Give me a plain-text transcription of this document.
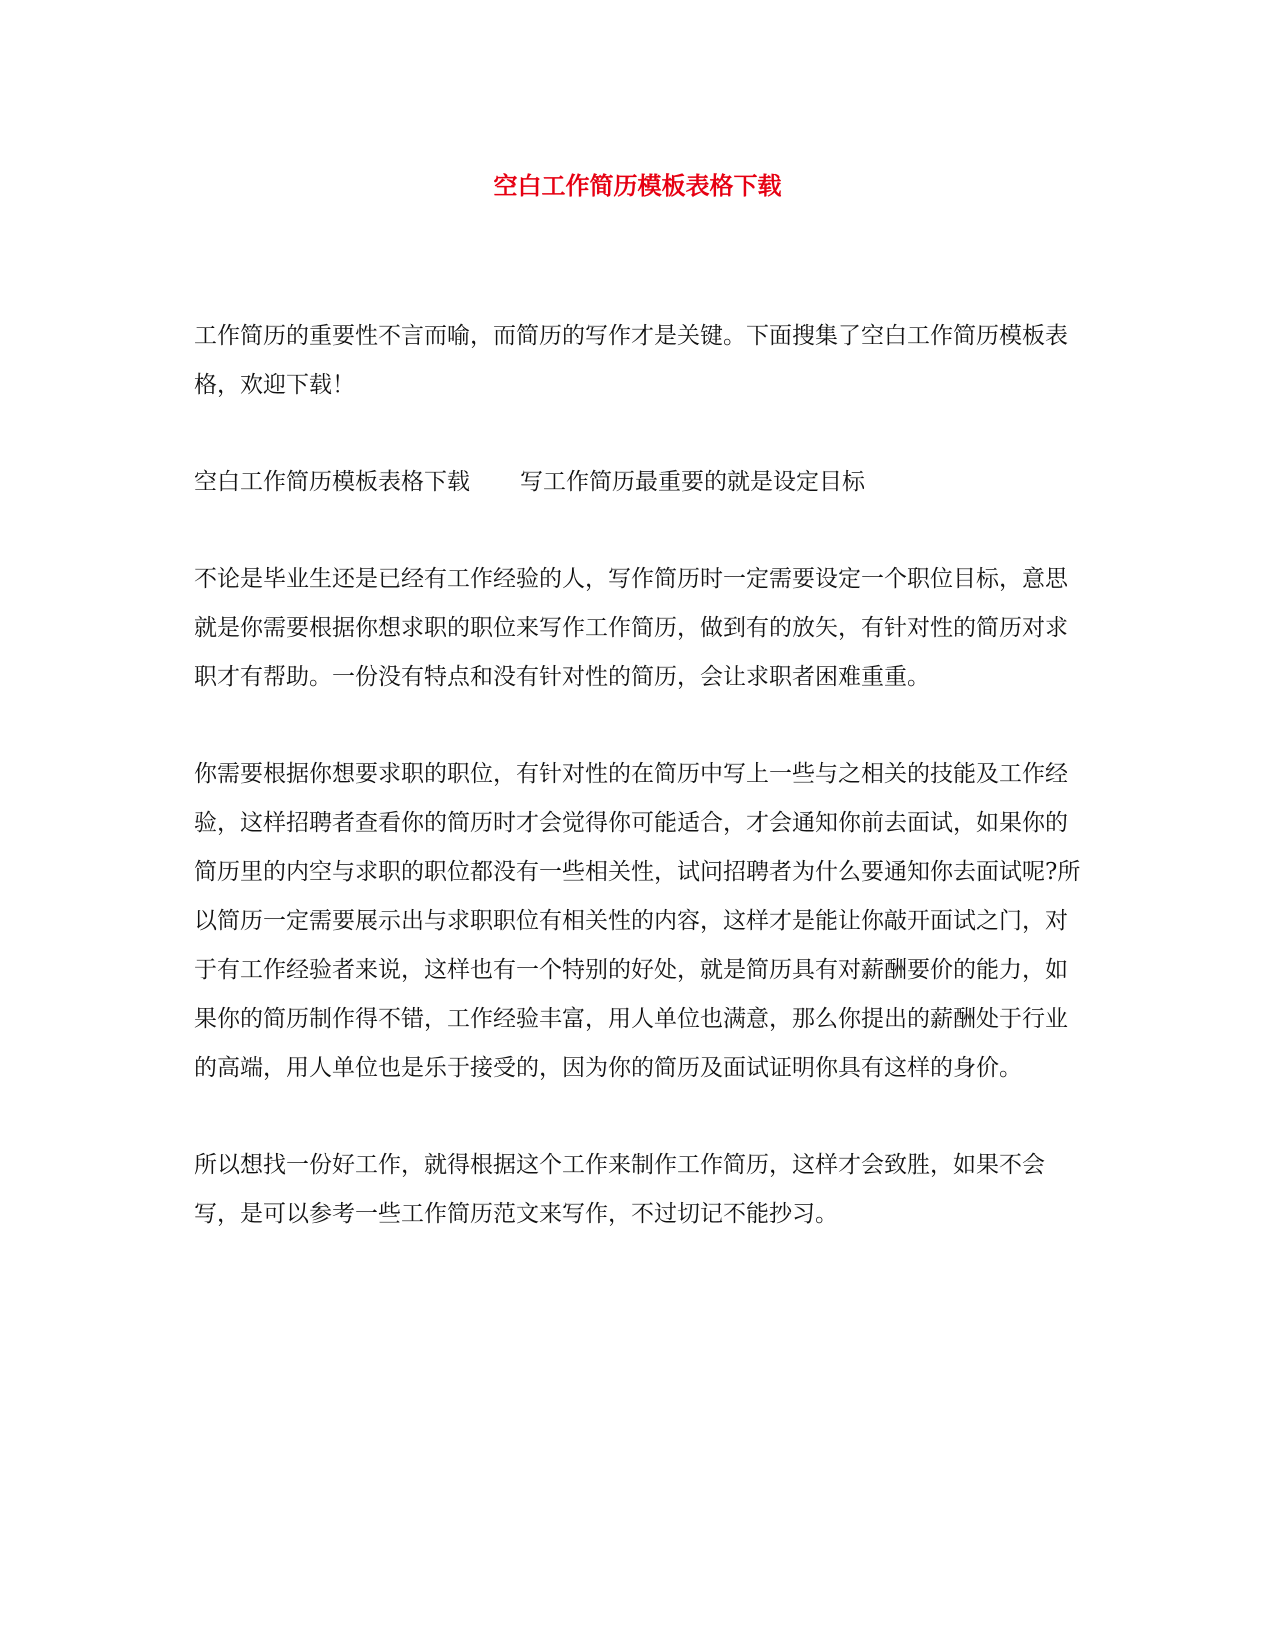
空白工作简历模板表格下载

工作简历的重要性不言而喻，而简历的写作才是关键。下面搜集了空白工作简历模板表格，欢迎下载！

空白工作简历模板表格下载 写工作简历最重要的就是设定目标

不论是毕业生还是已经有工作经验的人，写作简历时一定需要设定一个职位目标，意思就是你需要根据你想求职的职位来写作工作简历，做到有的放矢，有针对性的简历对求职才有帮助。一份没有特点和没有针对性的简历，会让求职者困难重重。

你需要根据你想要求职的职位，有针对性的在简历中写上一些与之相关的技能及工作经验，这样招聘者查看你的简历时才会觉得你可能适合，才会通知你前去面试，如果你的简历里的内空与求职的职位都没有一些相关性，试问招聘者为什么要通知你去面试呢?所以简历一定需要展示出与求职职位有相关性的内容，这样才是能让你敲开面试之门，对于有工作经验者来说，这样也有一个特别的好处，就是简历具有对薪酬要价的能力，如果你的简历制作得不错，工作经验丰富，用人单位也满意，那么你提出的薪酬处于行业的高端，用人单位也是乐于接受的，因为你的简历及面试证明你具有这样的身价。

所以想找一份好工作，就得根据这个工作来制作工作简历，这样才会致胜，如果不会写，是可以参考一些工作简历范文来写作，不过切记不能抄习。
